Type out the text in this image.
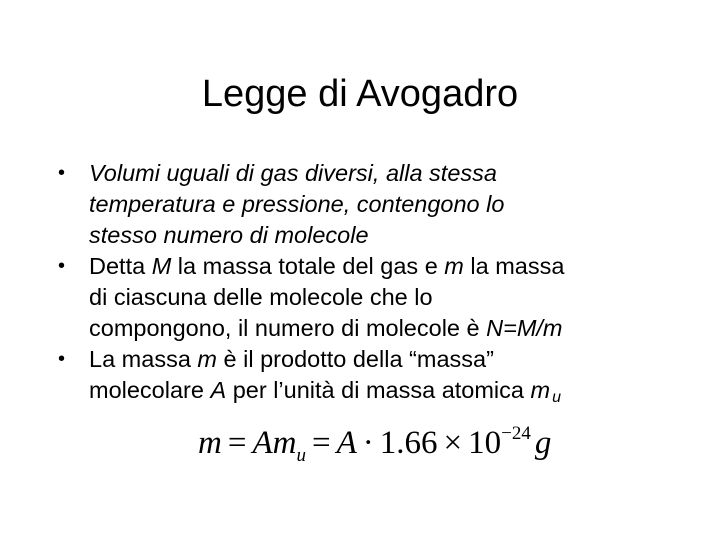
Legge di Avogadro
• Volumi uguali di gas diversi, alla stessa
temperatura e pressione, contengono lo
stesso numero di molecole
• Detta M la massa totale del gas e m la massa
di ciascuna delle molecole che lo
compongono, il numero di molecole è N=M/m
• La massa m è il prodotto della “massa”
molecolare A per l’unità di massa atomica m u
$m = Am_u = A \cdot 1.66 \times 10^{-24}$ g
